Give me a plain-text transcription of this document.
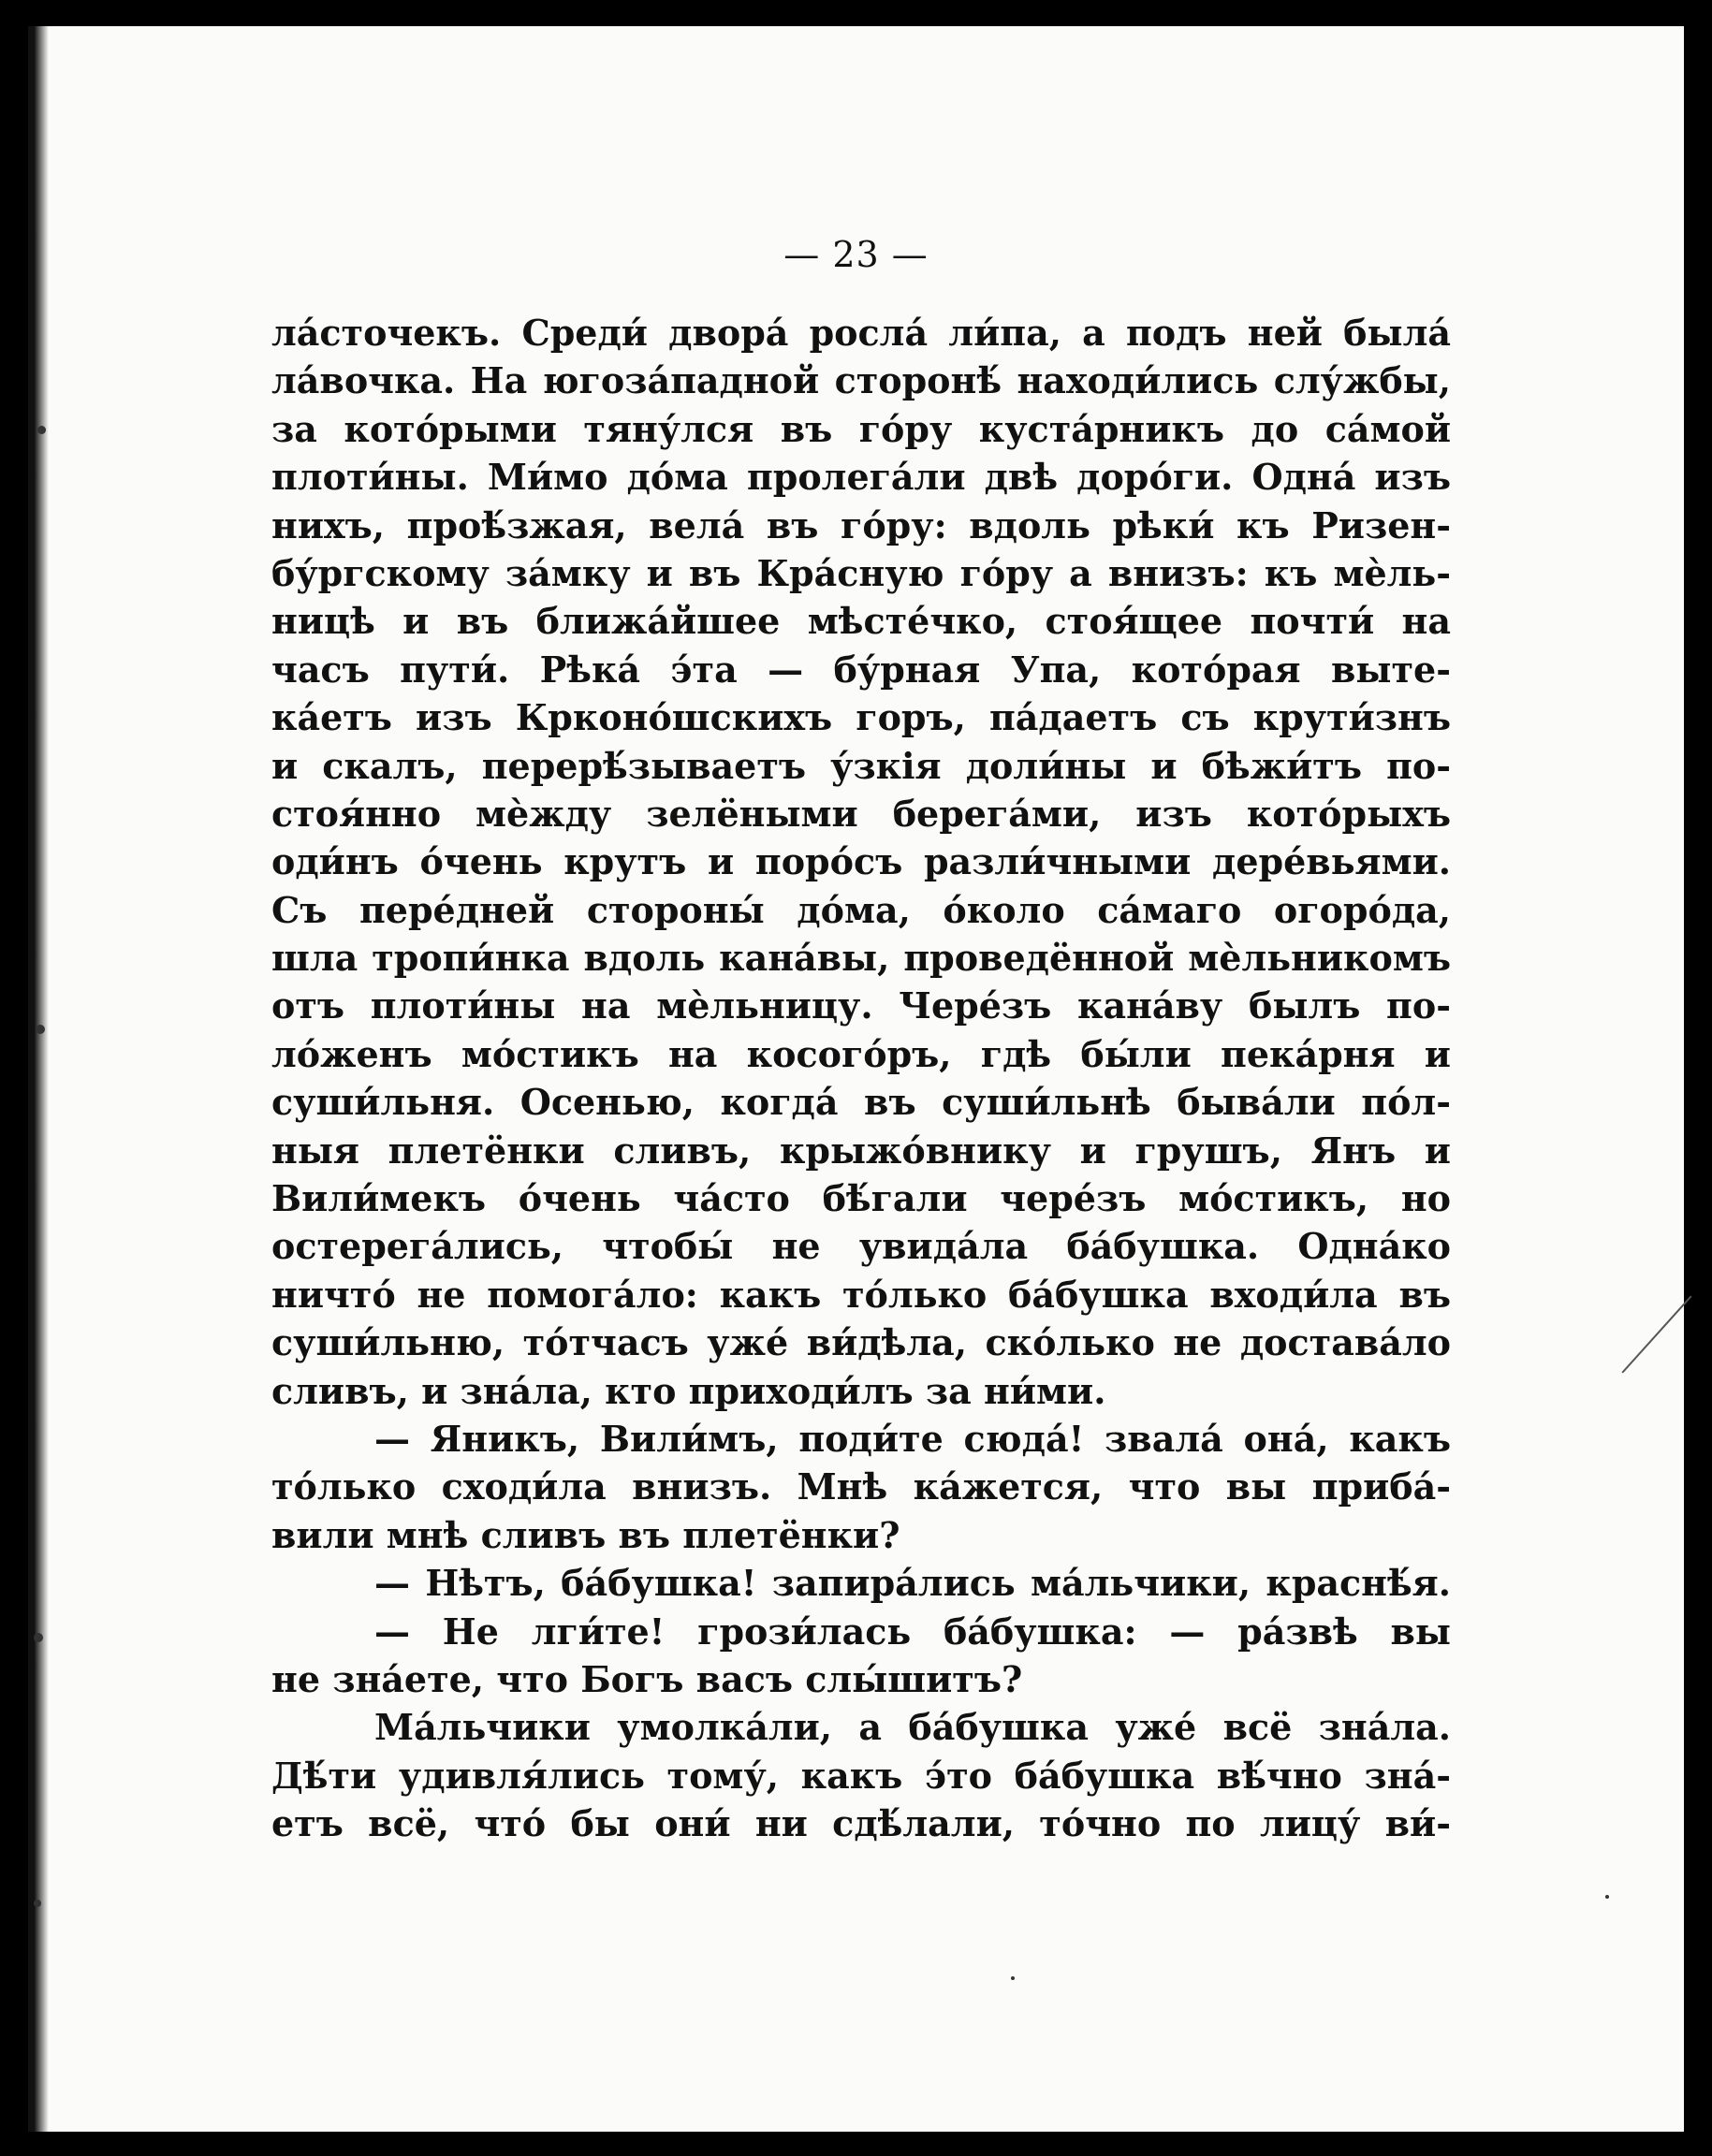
— 23 —
ла́сточекъ. Среди́ двора́ росла́ ли́па, а подъ ней была́
ла́вочка. На югоза́падной сторонѣ́ находи́лись слу́жбы,
за кото́рыми тяну́лся въ го́ру куста́рникъ до са́мой
плоти́ны. Ми́мо до́ма пролега́ли двѣ доро́ги. Одна́ изъ
нихъ, проѣ́зжая, вела́ въ го́ру: вдоль рѣки́ къ Ризен-
бу́ргскому за́мку и въ Кра́сную го́ру а внизъ: къ мѐль-
ницѣ и въ ближа́йшее мѣсте́чко, стоя́щее почти́ на
часъ пути́. Рѣка́ э́та — бу́рная Упа, кото́рая выте-
ка́етъ изъ Крконо́шскихъ горъ, па́даетъ съ крути́знъ
и скалъ, перерѣ́зываетъ у́зкія доли́ны и бѣжи́тъ по-
стоя́нно мѐжду зелёными берега́ми, изъ кото́рыхъ
оди́нъ о́чень крутъ и поро́съ разли́чными дере́вьями.
Съ пере́дней стороны́ до́ма, о́коло са́маго огоро́да,
шла тропи́нка вдоль кана́вы, проведённой мѐльникомъ
отъ плоти́ны на мѐльницу. Чере́зъ кана́ву былъ по-
ло́женъ мо́стикъ на косого́ръ, гдѣ бы́ли пека́рня и
суши́льня. Осенью, когда́ въ суши́льнѣ быва́ли по́л-
ныя плетёнки сливъ, крыжо́внику и грушъ, Янъ и
Вили́мекъ о́чень ча́сто бѣ́гали чере́зъ мо́стикъ, но
остерега́лись, чтобы́ не увида́ла ба́бушка. Одна́ко
ничто́ не помога́ло: какъ то́лько ба́бушка входи́ла въ
суши́льню, то́тчасъ уже́ ви́дѣла, ско́лько не достава́ло
сливъ, и зна́ла, кто приходи́лъ за ни́ми.
— Яникъ, Вили́мъ, поди́те сюда́! звала́ она́, какъ
то́лько сходи́ла внизъ. Мнѣ ка́жется, что вы приба́-
вили мнѣ сливъ въ плетёнки?
— Нѣтъ, ба́бушка! запира́лись ма́льчики, краснѣ́я.
— Не лги́те! грози́лась ба́бушка: — ра́звѣ вы
не зна́ете, что Богъ васъ слы́шитъ?
Ма́льчики умолка́ли, а ба́бушка уже́ всё зна́ла.
Дѣ́ти удивля́лись тому́, какъ э́то ба́бушка вѣ́чно зна́-
етъ всё, что́ бы они́ ни сдѣ́лали, то́чно по лицу́ ви́-
